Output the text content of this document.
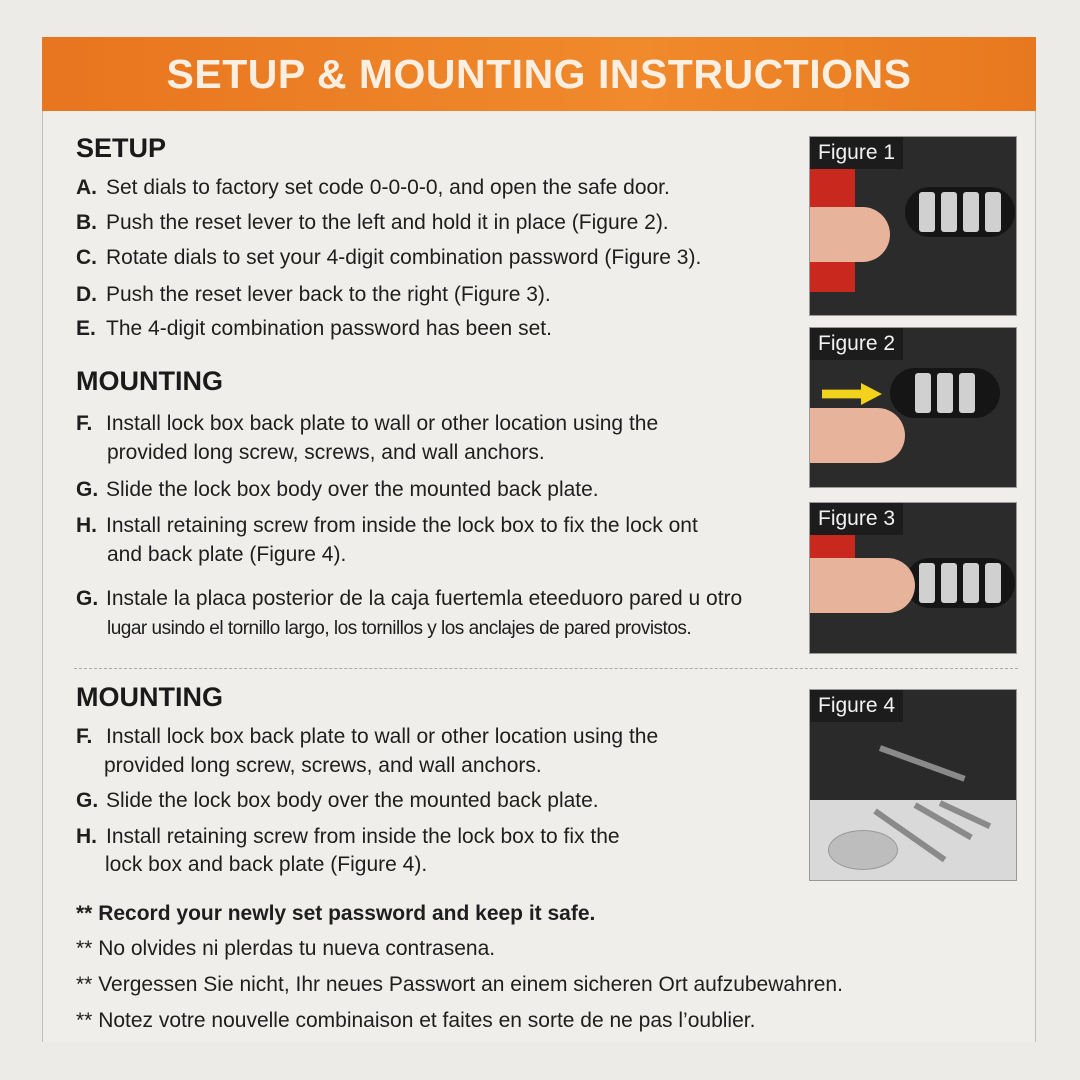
SETUP & MOUNTING INSTRUCTIONS
SETUP
A. Set dials to factory set code 0-0-0-0, and open the safe door.
B. Push the reset lever to the left and hold it in place (Figure 2).
C. Rotate dials to set your 4-digit combination password (Figure 3).
D. Push the reset lever back to the right (Figure 3).
E. The 4-digit combination password has been set.
MOUNTING
F. Install lock box back plate to wall or other location using the
provided long screw, screws, and wall anchors.
G. Slide the lock box body over the mounted back plate.
H. Install retaining screw from inside the lock box to fix the lock ont
and back plate (Figure 4).
G. Instale la placa posterior de la caja fuertemla eteeduoro pared u otro
lugar usindo el tornillo largo, los tornillos y los anclajes de pared provistos.
MOUNTING
F. Install lock box back plate to wall or other location using the
provided long screw, screws, and wall anchors.
G. Slide the lock box body over the mounted back plate.
H. Install retaining screw from inside the lock box to fix the
lock box and back plate (Figure 4).
** Record your newly set password and keep it safe.
** No olvides ni plerdas tu nueva contrasena.
** Vergessen Sie nicht, Ihr neues Passwort an einem sicheren Ort aufzubewahren.
** Notez votre nouvelle combinaison et faites en sorte de ne pas l’oublier.
Figure 1
Figure 2
Figure 3
Figure 4
